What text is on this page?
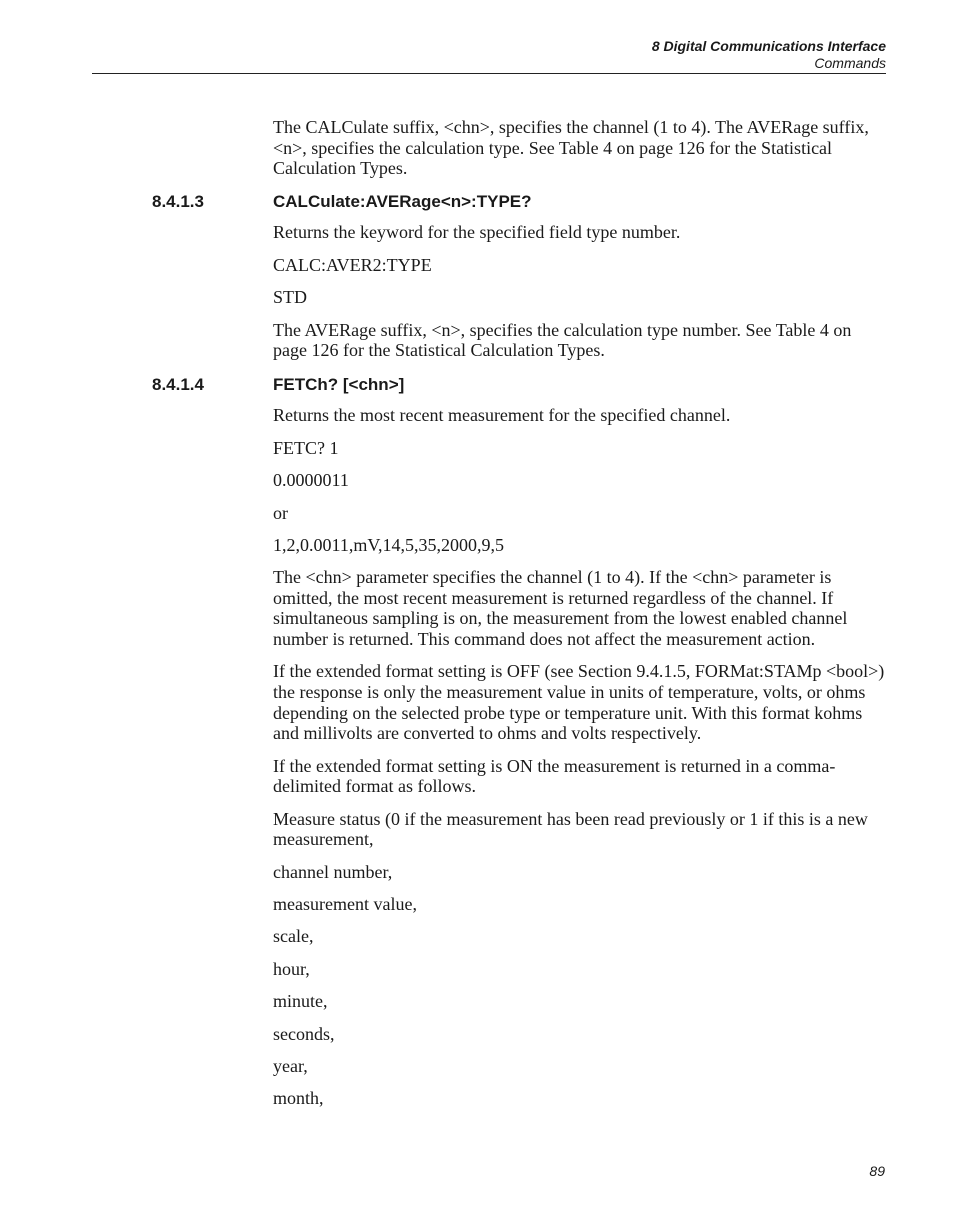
8 Digital Communications Interface
Commands

The CALCulate suffix, <chn>, specifies the channel (1 to 4). The AVERage suffix, <n>, specifies the calculation type. See Table 4 on page 126 for the Statistical Calculation Types.

8.4.1.3	CALCulate:AVERage<n>:TYPE?

Returns the keyword for the specified field type number.

CALC:AVER2:TYPE

STD

The AVERage suffix, <n>, specifies the calculation type number. See Table 4 on page 126 for the Statistical Calculation Types.

8.4.1.4	FETCh? [<chn>]

Returns the most recent measurement for the specified channel.

FETC? 1

0.0000011

or

1,2,0.0011,mV,14,5,35,2000,9,5

The <chn> parameter specifies the channel (1 to 4). If the <chn> parameter is omitted, the most recent measurement is returned regardless of the channel. If simultaneous sampling is on, the measurement from the lowest enabled channel number is returned. This command does not affect the measurement action.

If the extended format setting is OFF (see Section 9.4.1.5, FORMat:STAMp <bool>) the response is only the measurement value in units of temperature, volts, or ohms depending on the selected probe type or temperature unit. With this format kohms and millivolts are converted to ohms and volts respectively.

If the extended format setting is ON the measurement is returned in a comma-delimited format as follows.

Measure status (0 if the measurement has been read previously or 1 if this is a new measurement,

channel number,

measurement value,

scale,

hour,

minute,

seconds,

year,

month,

89
